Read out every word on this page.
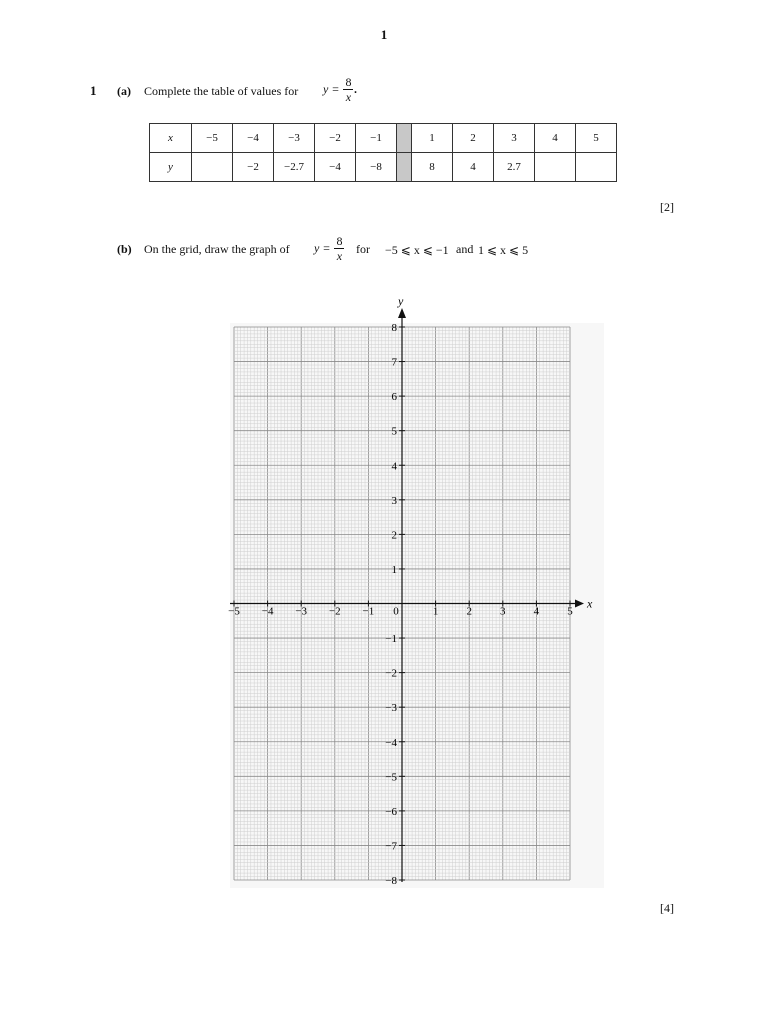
1
1 (a) Complete the table of values for $y = \frac{8}{x}$ .
x	−5	−4	−3	−2	−1		1	2	3	4	5
y		−2	−2.7	−4	−8		8	4	2.7		
[2]
(b) On the grid, draw the graph of $y = \frac{8}{x}$ for −5 ⩽ x ⩽ −1 and 1 ⩽ x ⩽ 5
x
y
−5 −4 −3 −2 −1 0	1	2	3	4	5
8
7
6
5
4
3
2
1
−1
−2
−3
−4
−5
−6
−7
−8
[4]
